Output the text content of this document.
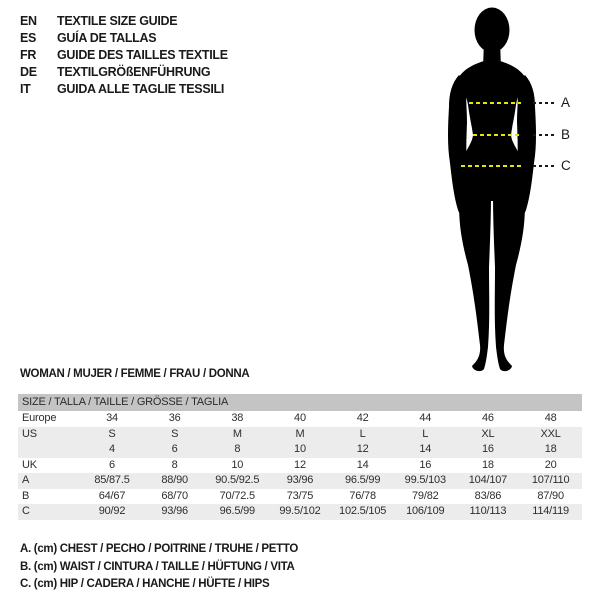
EN	TEXTILE SIZE GUIDE
ES	GUÍA DE TALLAS
FR	GUIDE DES TAILLES TEXTILE
DE	TEXTILGRÖßENFÜHRUNG
IT	GUIDA ALLE TAGLIE TESSILI
WOMAN / MUJER / FEMME / FRAU / DONNA
SIZE / TALLA / TAILLE / GRÖSSE / TAGLIA								
Europe	34	36	38	40	42	44	46	48
US	S	S	M	M	L	L	XL	XXL
	4	6	8	10	12	14	16	18
UK	6	8	10	12	14	16	18	20
A	85/87.5	88/90	90.5/92.5	93/96	96.5/99	99.5/103	104/107	107/110
B	64/67	68/70	70/72.5	73/75	76/78	79/82	83/86	87/90
C	90/92	93/96	96.5/99	99.5/102	102.5/105	106/109	110/113	114/119
A. (cm) CHEST / PECHO / POITRINE / TRUHE / PETTO
B. (cm) WAIST / CINTURA / TAILLE / HÜFTUNG / VITA
C. (cm) HIP / CADERA / HANCHE / HÜFTE / HIPS
A
B
C
